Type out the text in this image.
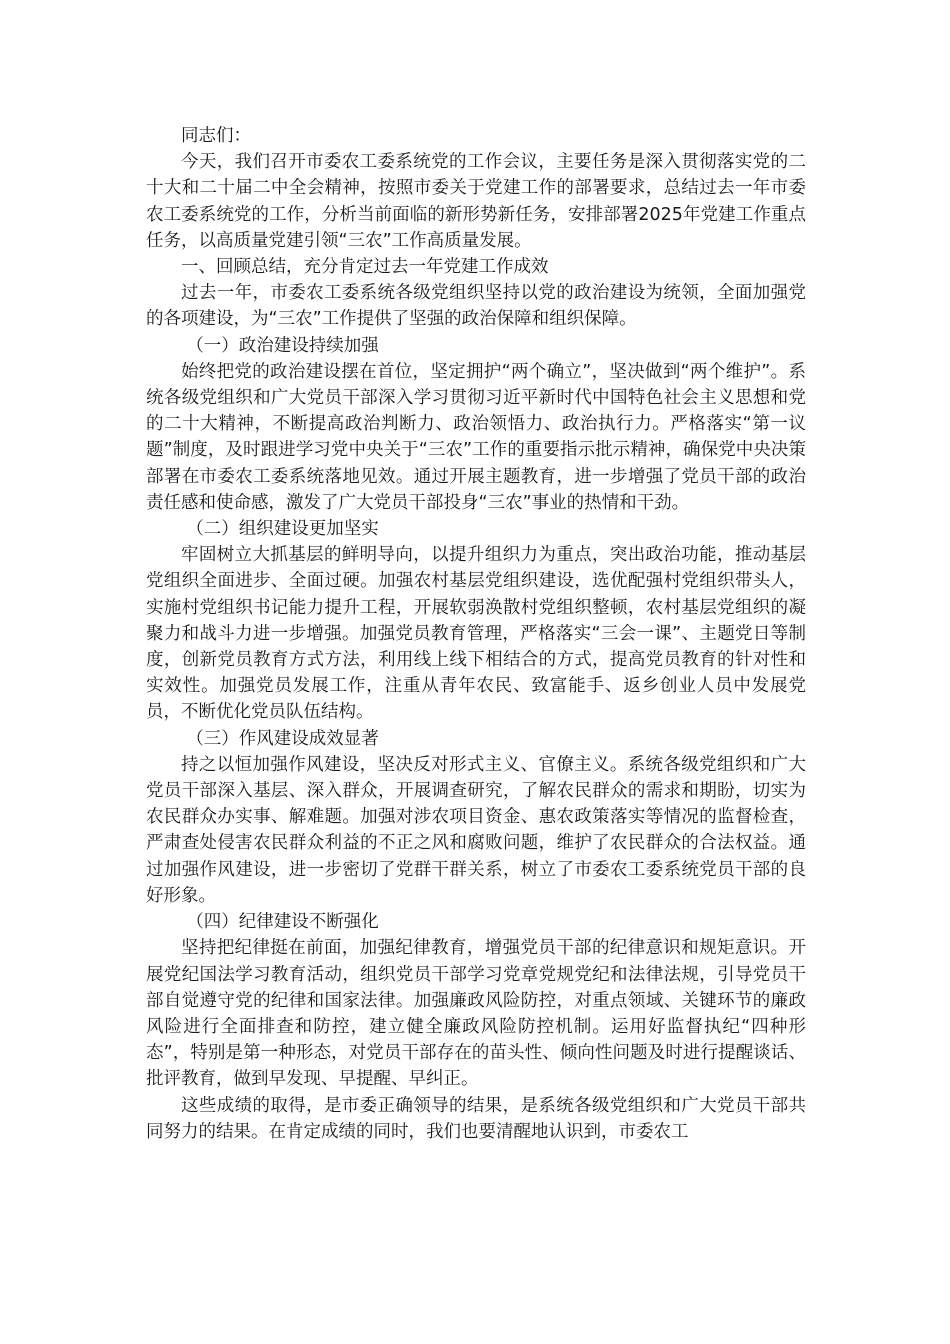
同志们：

今天，我们召开市委农工委系统党的工作会议，主要任务是深入贯彻落实党的二十大和二十届二中全会精神，按照市委关于党建工作的部署要求，总结过去一年市委农工委系统党的工作，分析当前面临的新形势新任务，安排部署2025年党建工作重点任务，以高质量党建引领“三农”工作高质量发展。

一、回顾总结，充分肯定过去一年党建工作成效

过去一年，市委农工委系统各级党组织坚持以党的政治建设为统领，全面加强党的各项建设，为“三农”工作提供了坚强的政治保障和组织保障。

（一）政治建设持续加强

始终把党的政治建设摆在首位，坚定拥护“两个确立”，坚决做到“两个维护”。系统各级党组织和广大党员干部深入学习贯彻习近平新时代中国特色社会主义思想和党的二十大精神，不断提高政治判断力、政治领悟力、政治执行力。严格落实“第一议题”制度，及时跟进学习党中央关于“三农”工作的重要指示批示精神，确保党中央决策部署在市委农工委系统落地见效。通过开展主题教育，进一步增强了党员干部的政治责任感和使命感，激发了广大党员干部投身“三农”事业的热情和干劲。

（二）组织建设更加坚实

牢固树立大抓基层的鲜明导向，以提升组织力为重点，突出政治功能，推动基层党组织全面进步、全面过硬。加强农村基层党组织建设，选优配强村党组织带头人，实施村党组织书记能力提升工程，开展软弱涣散村党组织整顿，农村基层党组织的凝聚力和战斗力进一步增强。加强党员教育管理，严格落实“三会一课”、主题党日等制度，创新党员教育方式方法，利用线上线下相结合的方式，提高党员教育的针对性和实效性。加强党员发展工作，注重从青年农民、致富能手、返乡创业人员中发展党员，不断优化党员队伍结构。

（三）作风建设成效显著

持之以恒加强作风建设，坚决反对形式主义、官僚主义。系统各级党组织和广大党员干部深入基层、深入群众，开展调查研究，了解农民群众的需求和期盼，切实为农民群众办实事、解难题。加强对涉农项目资金、惠农政策落实等情况的监督检查，严肃查处侵害农民群众利益的不正之风和腐败问题，维护了农民群众的合法权益。通过加强作风建设，进一步密切了党群干群关系，树立了市委农工委系统党员干部的良好形象。

（四）纪律建设不断强化

坚持把纪律挺在前面，加强纪律教育，增强党员干部的纪律意识和规矩意识。开展党纪国法学习教育活动，组织党员干部学习党章党规党纪和法律法规，引导党员干部自觉遵守党的纪律和国家法律。加强廉政风险防控，对重点领域、关键环节的廉政风险进行全面排查和防控，建立健全廉政风险防控机制。运用好监督执纪“四种形态”，特别是第一种形态，对党员干部存在的苗头性、倾向性问题及时进行提醒谈话、批评教育，做到早发现、早提醒、早纠正。

这些成绩的取得，是市委正确领导的结果，是系统各级党组织和广大党员干部共同努力的结果。在肯定成绩的同时，我们也要清醒地认识到，市委农工
